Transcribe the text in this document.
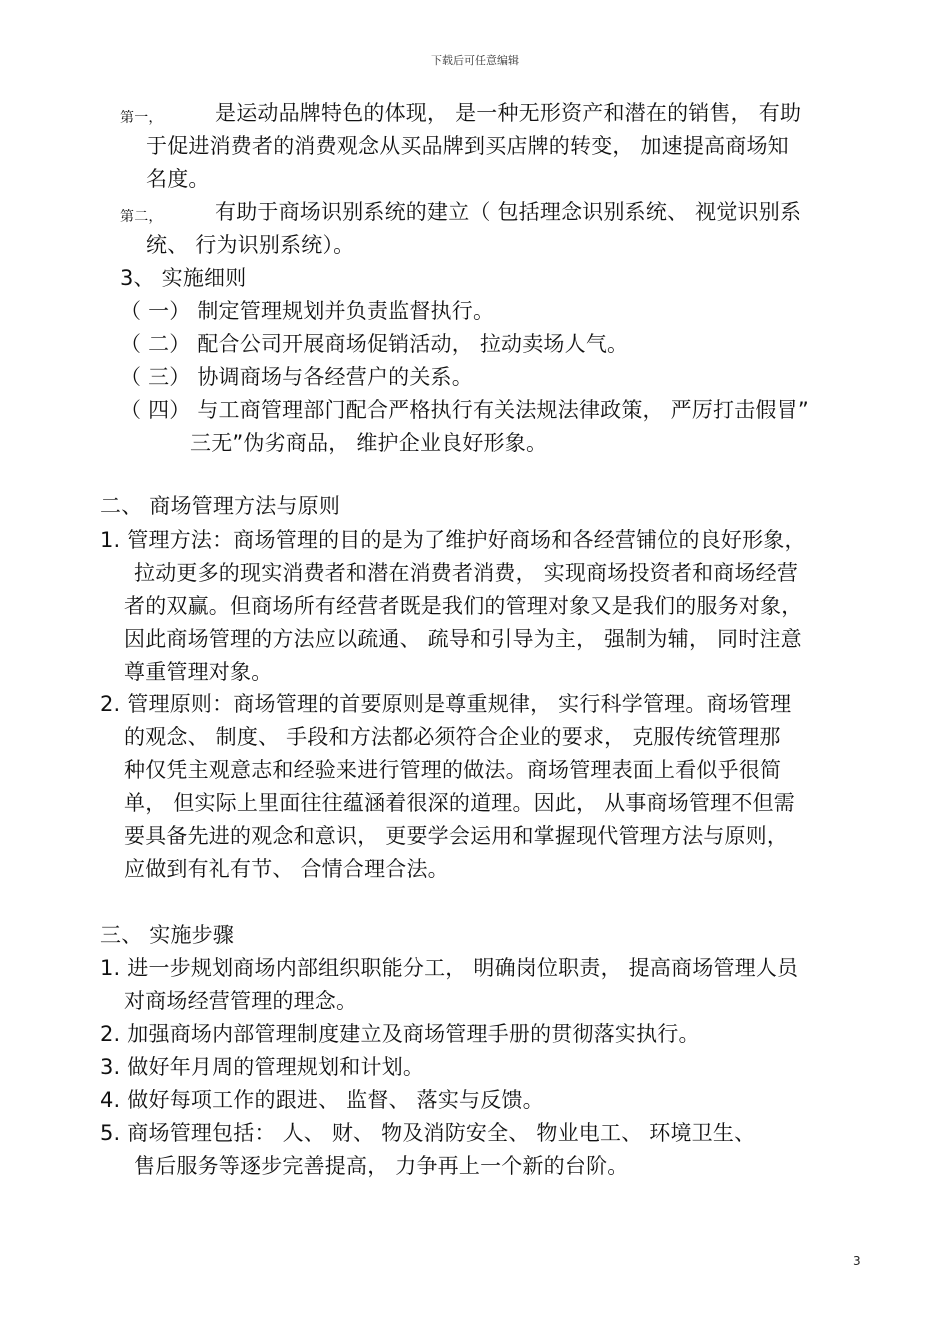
下载后可任意编辑
第一， 是运动品牌特色的体现， 是一种无形资产和潜在的销售， 有助
于促进消费者的消费观念从买品牌到买店牌的转变， 加速提高商场知
名度。
第二， 有助于商场识别系统的建立（ 包括理念识别系统、 视觉识别系
统、 行为识别系统）。
3、 实施细则
（ 一） 制定管理规划并负责监督执行。
（ 二） 配合公司开展商场促销活动， 拉动卖场人气。
（ 三） 协调商场与各经营户的关系。
（ 四） 与工商管理部门配合严格执行有关法规法律政策， 严厉打击假冒”
三无”伪劣商品， 维护企业良好形象。
二、 商场管理方法与原则
1. 管理方法：商场管理的目的是为了维护好商场和各经营铺位的良好形象，
拉动更多的现实消费者和潜在消费者消费， 实现商场投资者和商场经营
者的双赢。但商场所有经营者既是我们的管理对象又是我们的服务对象，
因此商场管理的方法应以疏通、 疏导和引导为主， 强制为辅， 同时注意
尊重管理对象。
2. 管理原则：商场管理的首要原则是尊重规律， 实行科学管理。商场管理
的观念、 制度、 手段和方法都必须符合企业的要求， 克服传统管理那
种仅凭主观意志和经验来进行管理的做法。商场管理表面上看似乎很简
单， 但实际上里面往往蕴涵着很深的道理。因此， 从事商场管理不但需
要具备先进的观念和意识， 更要学会运用和掌握现代管理方法与原则，
应做到有礼有节、 合情合理合法。
三、 实施步骤
1. 进一步规划商场内部组织职能分工， 明确岗位职责， 提高商场管理人员
对商场经营管理的理念。
2. 加强商场内部管理制度建立及商场管理手册的贯彻落实执行。
3. 做好年月周的管理规划和计划。
4. 做好每项工作的跟进、 监督、 落实与反馈。
5. 商场管理包括： 人、 财、 物及消防安全、 物业电工、 环境卫生、
售后服务等逐步完善提高， 力争再上一个新的台阶。
3
